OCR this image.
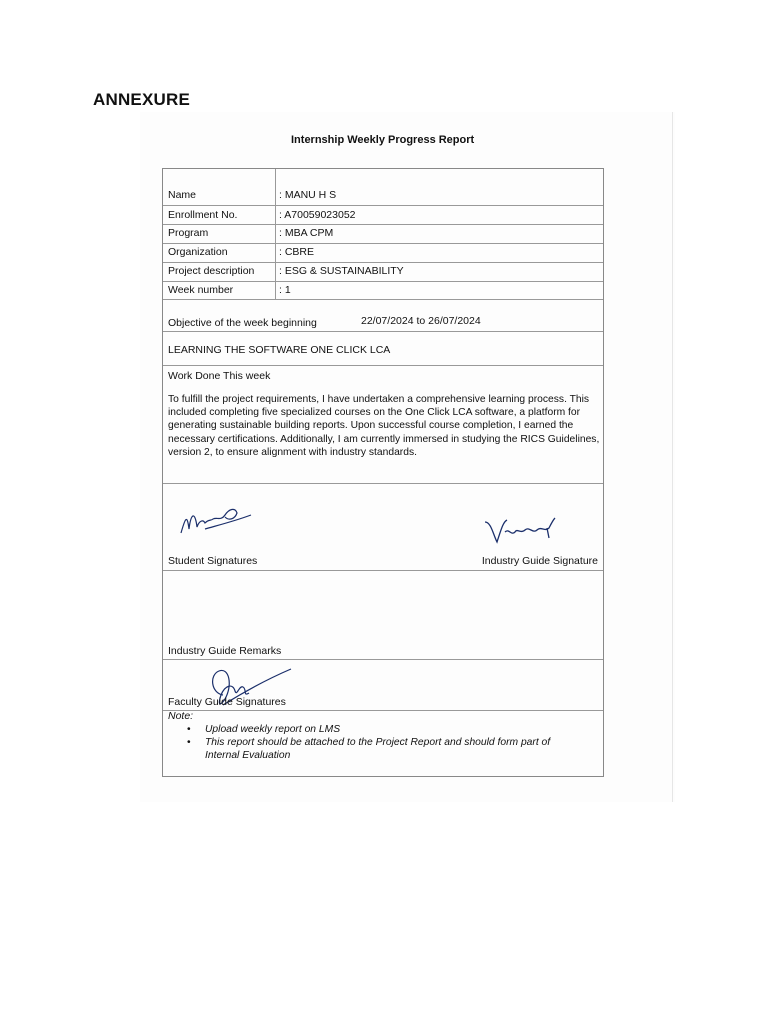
ANNEXURE
Internship Weekly Progress Report
Name	: MANU H S
Enrollment No.	: A70059023052
Program	: MBA CPM
Organization	: CBRE
Project description : ESG & SUSTAINABILITY
Week number	: 1
Objective of the week beginning	22/07/2024 to 26/07/2024
LEARNING THE SOFTWARE ONE CLICK LCA
Work Done This week
To fulfill the project requirements, I have undertaken a comprehensive learning process. This included completing five specialized courses on the One Click LCA software, a platform for generating sustainable building reports. Upon successful course completion, I earned the necessary certifications. Additionally, I am currently immersed in studying the RICS Guidelines, version 2, to ensure alignment with industry standards.
Student Signatures	Industry Guide Signature
Industry Guide Remarks
Faculty Guide Signatures
Note:
• Upload weekly report on LMS
• This report should be attached to the Project Report and should form part of Internal Evaluation
